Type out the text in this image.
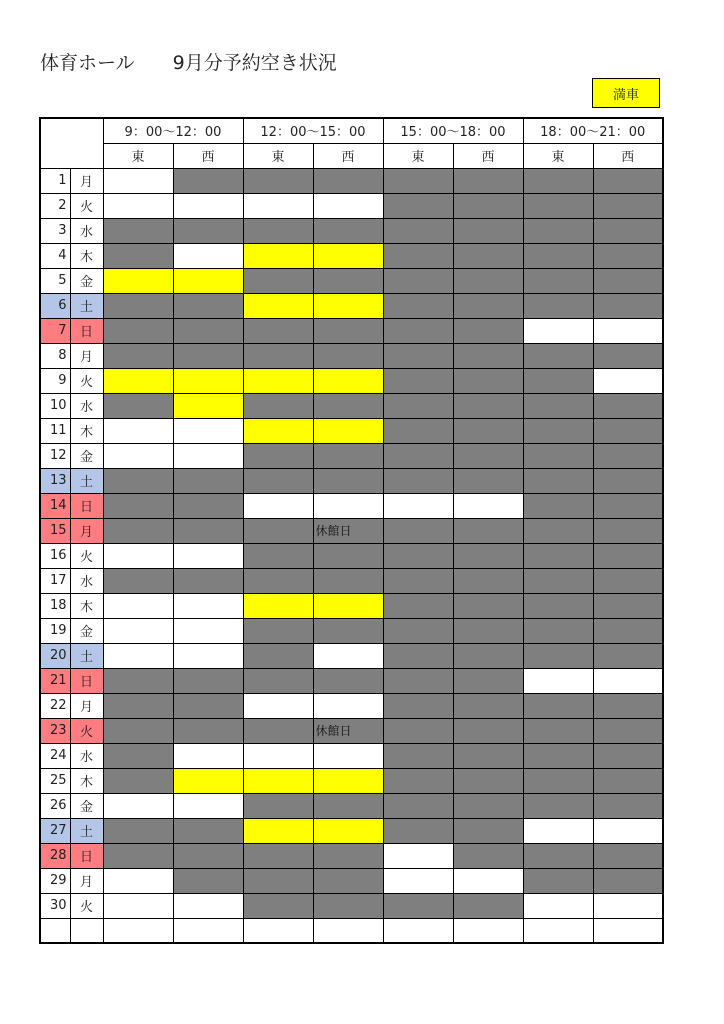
体育ホール　　9月分予約空き状況
満車
		9：00～12：00		12：00～15：00		15：00～18：00		18：00～21：00	
		東	西	東	西	東	西	東	西
1	月								
2	火								
3	水								
4	木								
5	金								
6	土								
7	日								
8	月								
9	火								
10	水								
11	木								
12	金								
13	土								
14	日								
15	月				休館日				

16	火								
17	水								
18	木								
19	金								
20	土								
21	日								
22	月								
23	火				休館日				

24	水								
25	木								
26	金								
27	土								
28	日								
29	月								
30	火								
